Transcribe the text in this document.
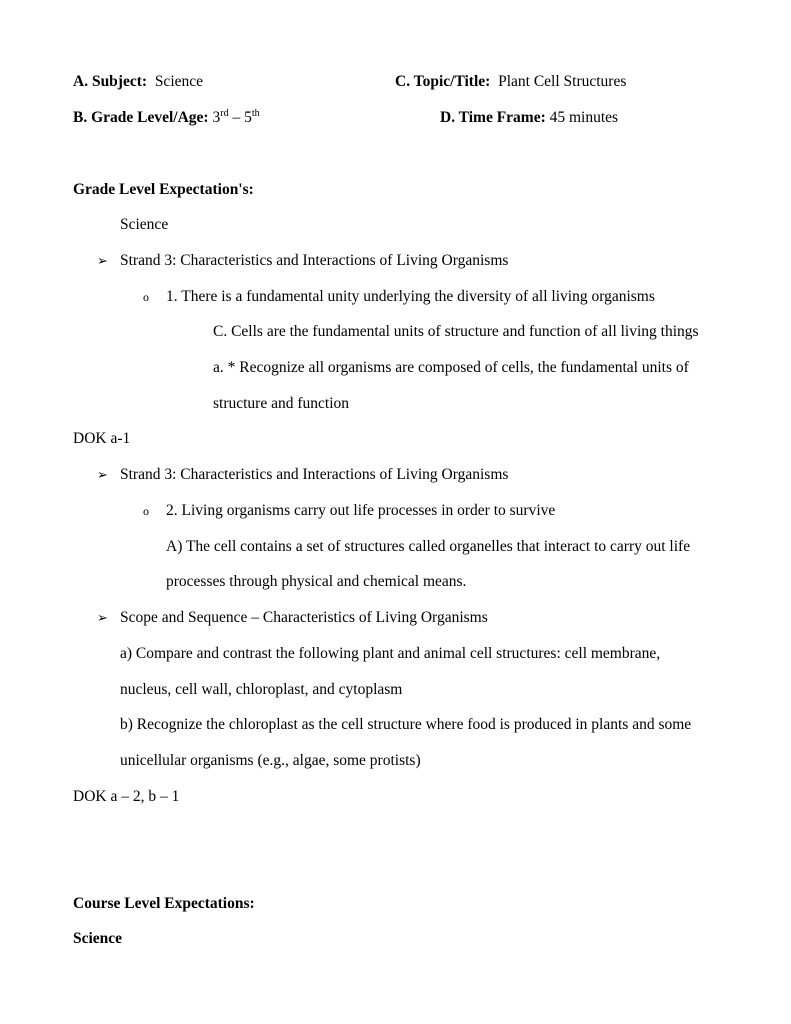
A. Subject: Science	C. Topic/Title: Plant Cell Structures
B. Grade Level/Age: 3rd – 5th	D. Time Frame: 45 minutes
Grade Level Expectation's:
Science
➢ Strand 3: Characteristics and Interactions of Living Organisms
o 1. There is a fundamental unity underlying the diversity of all living organisms
C. Cells are the fundamental units of structure and function of all living things
a. * Recognize all organisms are composed of cells, the fundamental units of
structure and function
DOK a-1
➢ Strand 3: Characteristics and Interactions of Living Organisms
o 2. Living organisms carry out life processes in order to survive
A) The cell contains a set of structures called organelles that interact to carry out life
processes through physical and chemical means.
➢ Scope and Sequence – Characteristics of Living Organisms
a) Compare and contrast the following plant and animal cell structures: cell membrane,
nucleus, cell wall, chloroplast, and cytoplasm
b) Recognize the chloroplast as the cell structure where food is produced in plants and some
unicellular organisms (e.g., algae, some protists)
DOK a – 2, b – 1
Course Level Expectations:
Science
